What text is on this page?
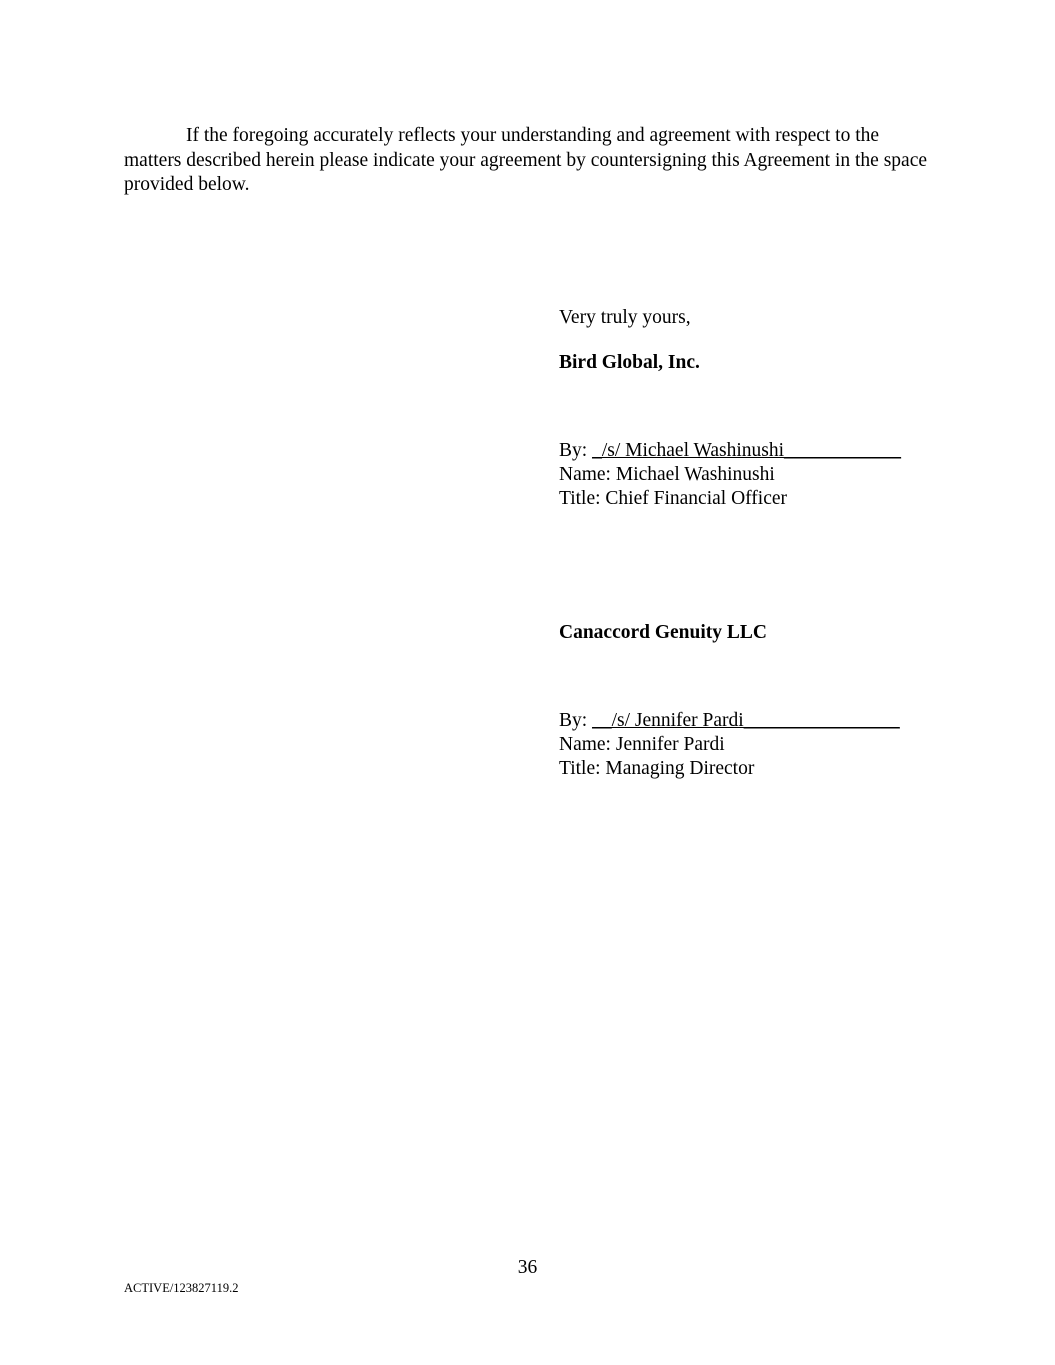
If the foregoing accurately reflects your understanding and agreement with respect to the matters described herein please indicate your agreement by countersigning this Agreement in the space provided below.

Very truly yours,

Bird Global, Inc.

By: _/s/ Michael Washinushi____________

Name: Michael Washinushi

Title: Chief Financial Officer

Canaccord Genuity LLC

By: __/s/ Jennifer Pardi________________

Name: Jennifer Pardi

Title: Managing Director

36
ACTIVE/123827119.2
